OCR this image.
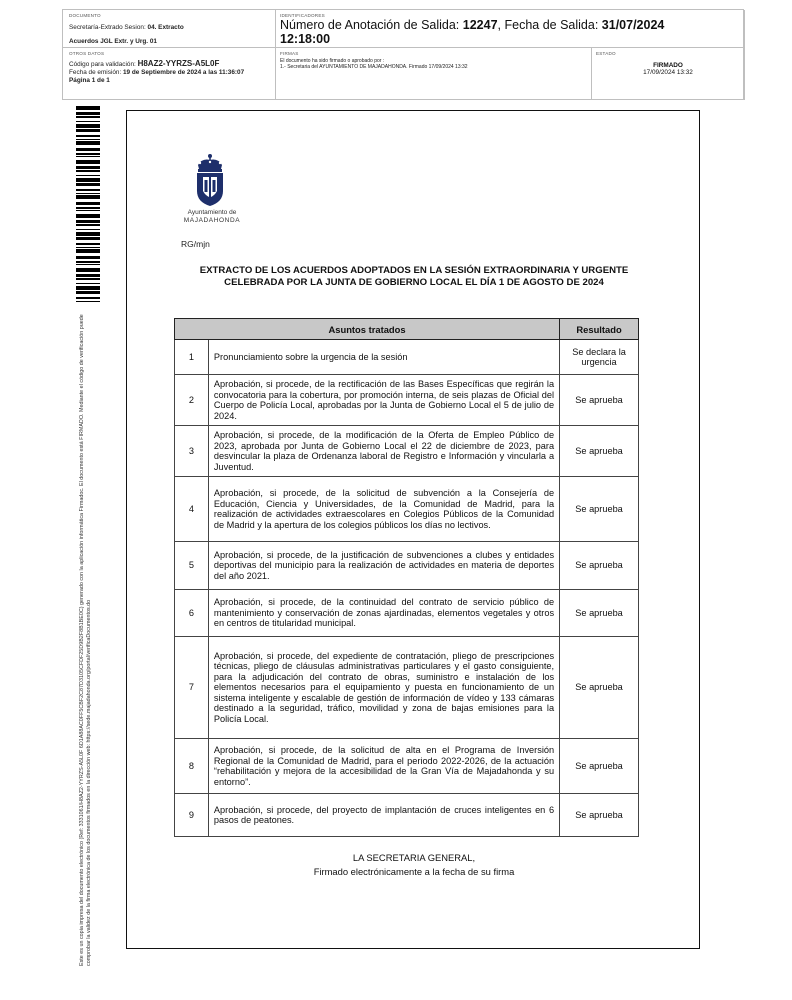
DOCUMENTO
Secretaría-Extrado Sesion: 04. Extracto
Acuerdos JGL Extr. y Urg. 01
IDENTIFICADORES
Número de Anotación de Salida: 12247, Fecha de Salida: 31/07/2024
12:18:00
OTROS DATOS
Código para validación: H8AZ2-YYRZS-A5L0F
Fecha de emisión: 19 de Septiembre de 2024 a las 11:36:07
Página 1 de 1
FIRMAS
El documento ha sido firmado o aprobado por :
1.- Secretaria del AYUNTAMIENTO DE MAJADAHONDA. Firmado 17/09/2024 13:32
ESTADO
FIRMADO
17/09/2024 13:32
Este es un copia impresa del documento electrónico (Ref: 3331061/H8AZ2-YYRZS-A5L0F 6D1A88AC0FF5CBF2C87D3105CFDF25D9B2F8B1BE0C) generado con la aplicación informática Firmadoc. El documento está FIRMADO. Mediante el código de verificación puede comprobar la validez de la firma electrónica de los documentos firmados en la dirección web: https://sede.majadahonda.org/portal/verificaDocumentos.do
Ayuntamiento de
MAJADAHONDA
RG/mjn
EXTRACTO DE LOS ACUERDOS ADOPTADOS EN LA SESIÓN EXTRAORDINARIA Y URGENTE CELEBRADA POR LA JUNTA DE GOBIERNO LOCAL EL DÍA 1 DE AGOSTO DE 2024
Asuntos tratados		Resultado
1	Pronunciamiento sobre la urgencia de la sesión	Se declara la urgencia
2	Aprobación, si procede, de la rectificación de las Bases Específicas que regirán la convocatoria para la cobertura, por promoción interna, de seis plazas de Oficial del Cuerpo de Policía Local, aprobadas por la Junta de Gobierno Local el 5 de julio de 2024.	Se aprueba
3	Aprobación, si procede, de la modificación de la Oferta de Empleo Público de 2023, aprobada por Junta de Gobierno Local el 22 de diciembre de 2023, para desvincular la plaza de Ordenanza laboral de Registro e Información y vincularla a Juventud.	Se aprueba
4	Aprobación, si procede, de la solicitud de subvención a la Consejería de Educación, Ciencia y Universidades, de la Comunidad de Madrid, para la realización de actividades extraescolares en Colegios Públicos de la Comunidad de Madrid y la apertura de los colegios públicos los días no lectivos.	Se aprueba
5	Aprobación, si procede, de la justificación de subvenciones a clubes y entidades deportivas del municipio para la realización de actividades en materia de deportes del año 2021.	Se aprueba
6	Aprobación, si procede, de la continuidad del contrato de servicio público de mantenimiento y conservación de zonas ajardinadas, elementos vegetales y otros en centros de titularidad municipal.	Se aprueba
7	Aprobación, si procede, del expediente de contratación, pliego de prescripciones técnicas, pliego de cláusulas administrativas particulares y el gasto consiguiente, para la adjudicación del contrato de obras, suministro e instalación de los elementos necesarios para el equipamiento y puesta en funcionamiento de un sistema inteligente y escalable de gestión de información de vídeo y 133 cámaras destinado a la seguridad, tráfico, movilidad y zona de bajas emisiones para la Policía Local.	Se aprueba
8	Aprobación, si procede, de la solicitud de alta en el Programa de Inversión Regional de la Comunidad de Madrid, para el periodo 2022-2026, de la actuación “rehabilitación y mejora de la accesibilidad de la Gran Vía de Majadahonda y su entorno”.	Se aprueba
9	Aprobación, si procede, del proyecto de implantación de cruces inteligentes en 6 pasos de peatones.	Se aprueba
LA SECRETARIA GENERAL,
Firmado electrónicamente a la fecha de su firma
